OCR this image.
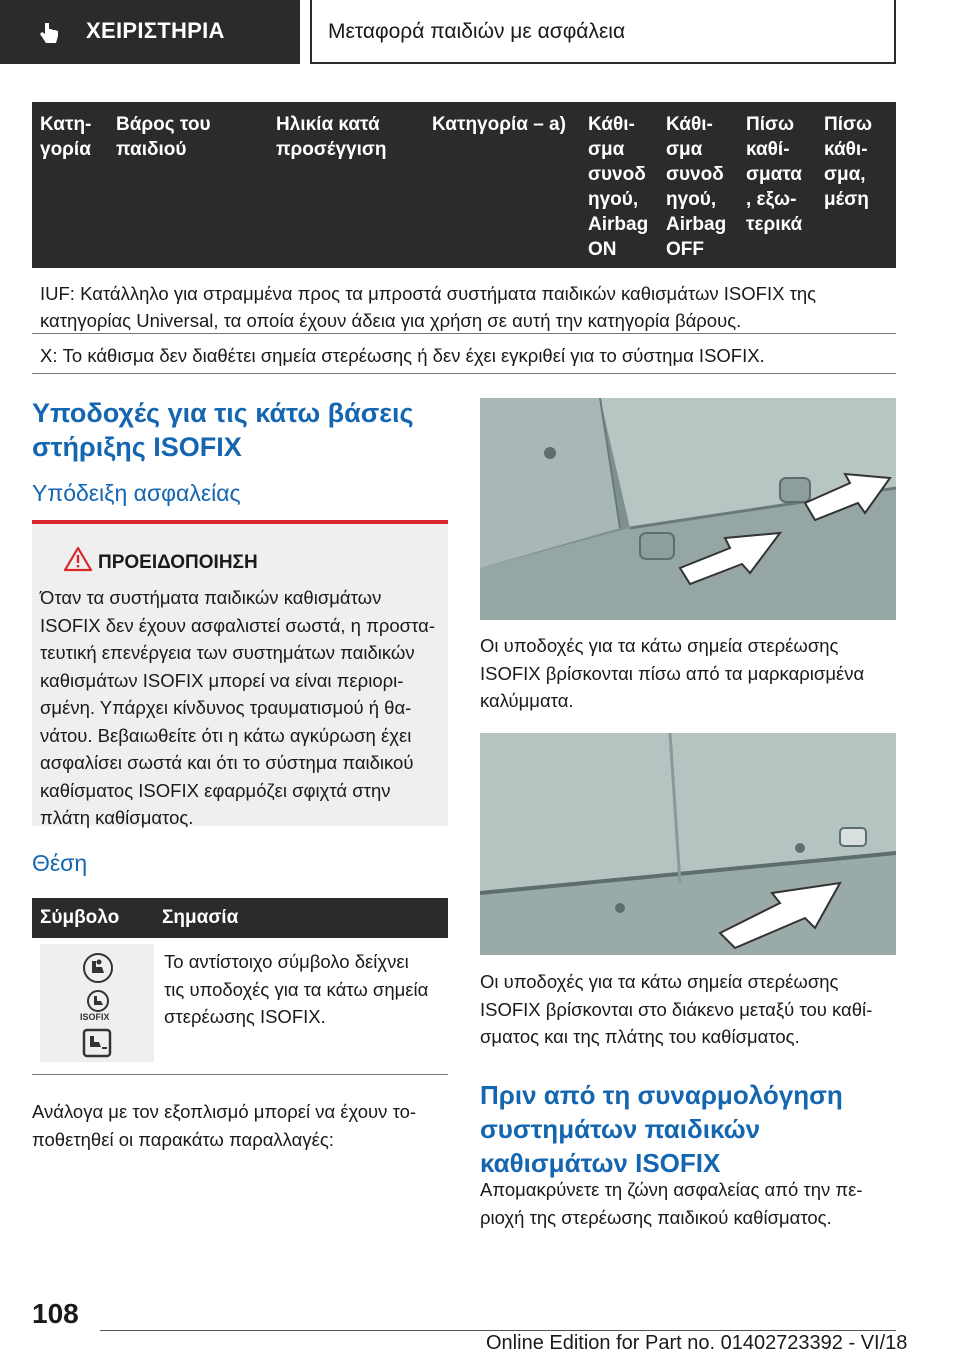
ΧΕΙΡΙΣΤΗΡΙΑ	Μεταφορά παιδιών με ασφάλεια
Κατη-
γορία
Βάρος του
παιδιού
Ηλικία κατά
προσέγγιση
Κατηγορία – a) Κάθι-
σμα
συνοδ
ηγού,
Airbag
ON
Κάθι-
σμα
συνοδ
ηγού,
Airbag
OFF
Πίσω
καθί-
σματα
, εξω-
τερικά
Πίσω
κάθι-
σμα,
μέση
IUF: Κατάλληλο για στραμμένα προς τα μπροστά συστήματα παιδικών καθισμάτων ISOFIX της
κατηγορίας Universal, τα οποία έχουν άδεια για χρήση σε αυτή την κατηγορία βάρους.
X: Το κάθισμα δεν διαθέτει σημεία στερέωσης ή δεν έχει εγκριθεί για το σύστημα ISOFIX.
Υποδοχές για τις κάτω βάσεις
στήριξης ISOFIX
Υπόδειξη ασφαλείας
ΠΡΟΕΙΔΟΠΟΙΗΣΗ
Όταν τα συστήματα παιδικών καθισμάτων
ISOFIX δεν έχουν ασφαλιστεί σωστά, η προστα-
τευτική επενέργεια των συστημάτων παιδικών
καθισμάτων ISOFIX μπορεί να είναι περιορι-
σμένη. Υπάρχει κίνδυνος τραυματισμού ή θα-
νάτου. Βεβαιωθείτε ότι η κάτω αγκύρωση έχει
ασφαλίσει σωστά και ότι το σύστημα παιδικού
καθίσματος ISOFIX εφαρμόζει σφιχτά στην
πλάτη καθίσματος.
Θέση
Σύμβολο Σημασία
ISOFIX
Το αντίστοιχο σύμβολο δείχνει
τις υποδοχές για τα κάτω σημεία
στερέωσης ISOFIX.
Ανάλογα με τον εξοπλισμό μπορεί να έχουν το-
ποθετηθεί οι παρακάτω παραλλαγές:
Οι υποδοχές για τα κάτω σημεία στερέωσης
ISOFIX βρίσκονται πίσω από τα μαρκαρισμένα
καλύμματα.
Οι υποδοχές για τα κάτω σημεία στερέωσης
ISOFIX βρίσκονται στο διάκενο μεταξύ του καθί-
σματος και της πλάτης του καθίσματος.
Πριν από τη συναρμολόγηση
συστημάτων παιδικών
καθισμάτων ISOFIX
Απομακρύνετε τη ζώνη ασφαλείας από την πε-
ριοχή της στερέωσης παιδικού καθίσματος.
108
Online Edition for Part no. 01402723392 - VI/18
